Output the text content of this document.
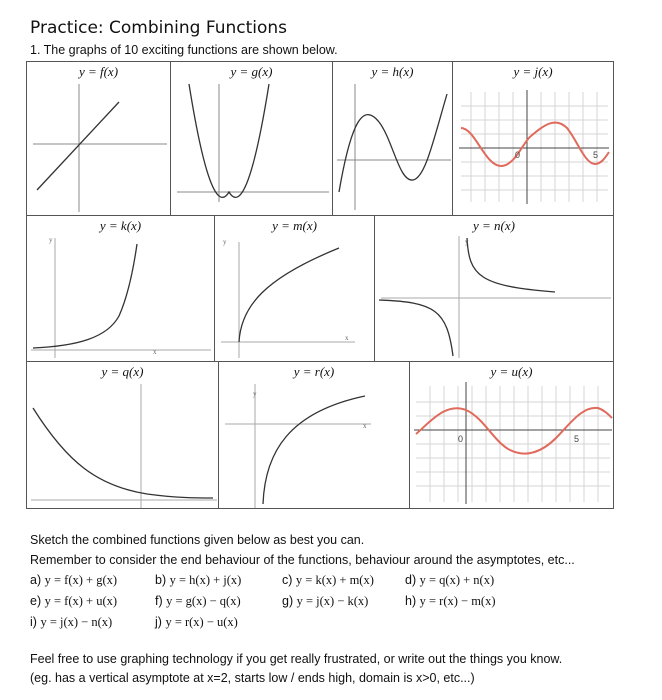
Practice: Combining Functions
1. The graphs of 10 exciting functions are shown below.
y = f(x)	y = g(x)	y = h(x)	y = j(x)
0	5
y = k(x)
y
x
y = m(x)
y
x
y = n(x)
y
y = q(x)	y = r(x)
y
x
y = u(x)
0	5
Sketch the combined functions given below as best you can.
Remember to consider the end behaviour of the functions, behaviour around the asymptotes, etc...
a) y = f(x) + g(x)	b) y = h(x) + j(x)	c) y = k(x) + m(x) d) y = q(x) + n(x)
e) y = f(x) + u(x)	f) y = g(x) − q(x)	g) y = j(x) − k(x)	h) y = r(x) − m(x)
i) y = j(x) − n(x)	j) y = r(x) − u(x)
Feel free to use graphing technology if you get really frustrated, or write out the things you know.
(eg. has a vertical asymptote at x=2, starts low / ends high, domain is x>0, etc...)
